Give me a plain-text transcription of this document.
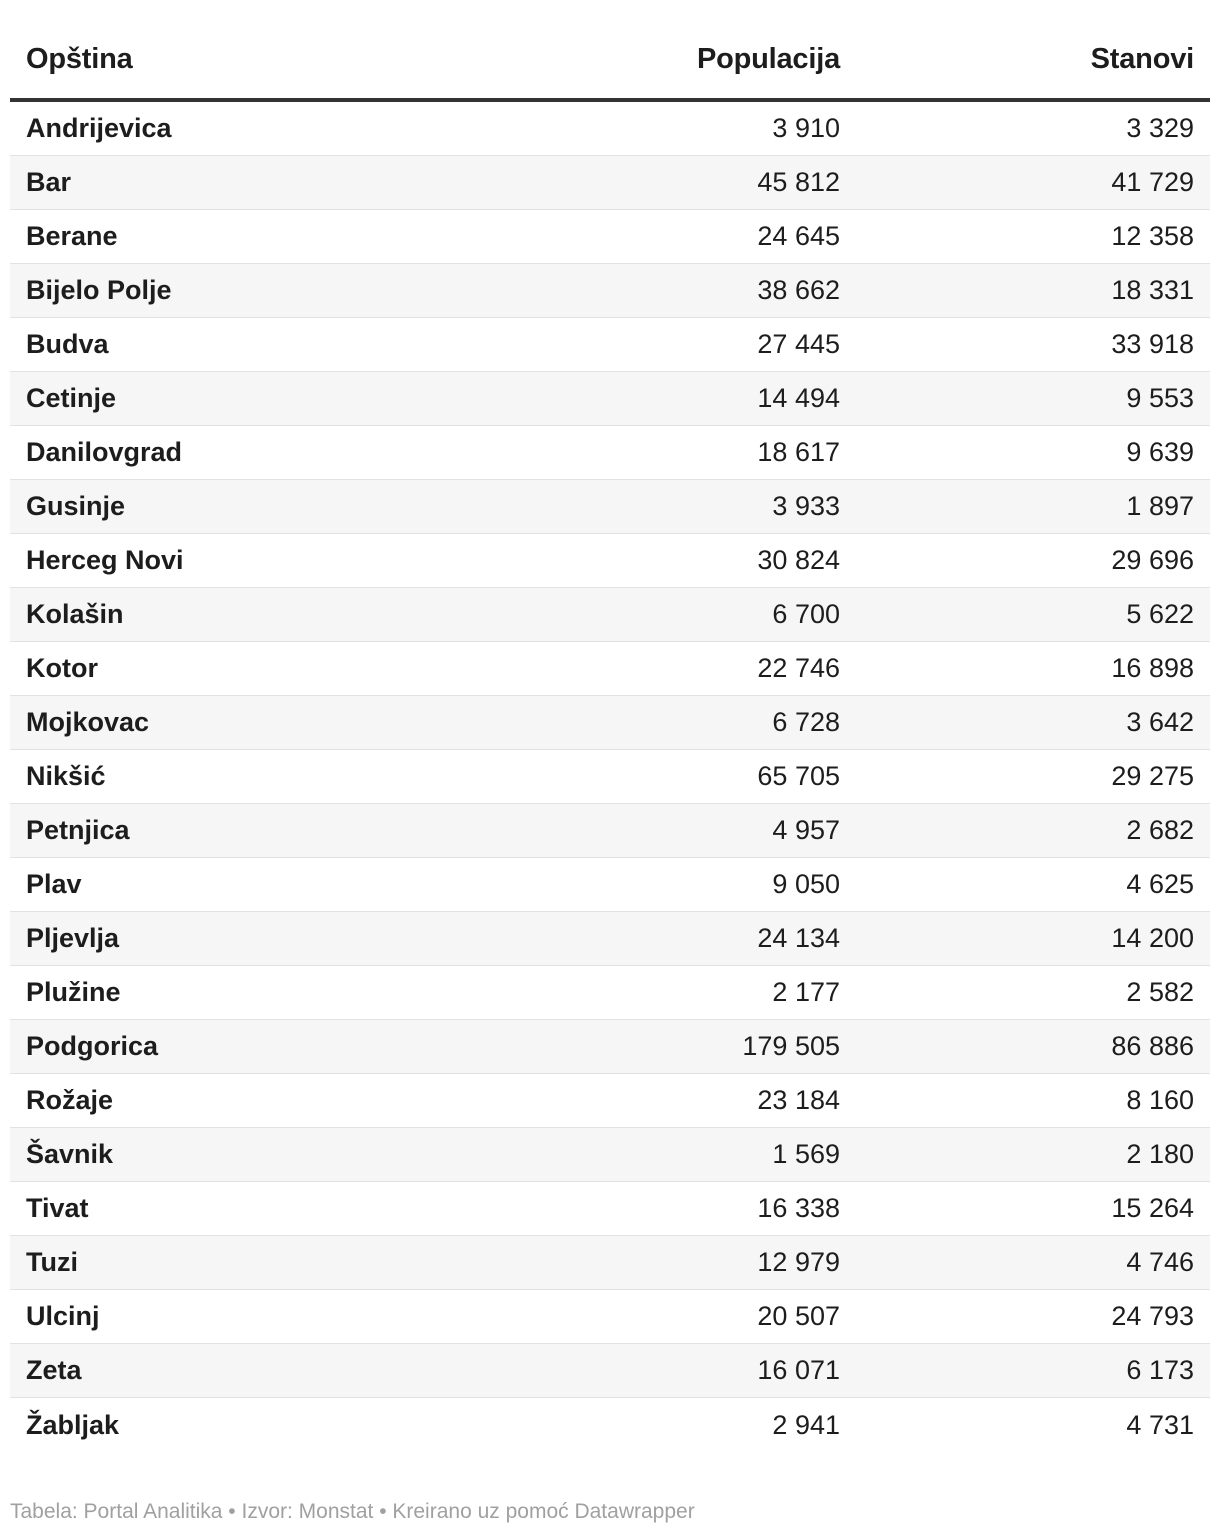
Opština	Populacija	Stanovi
Andrijevica	3 910	3 329
Bar	45 812	41 729
Berane	24 645	12 358
Bijelo Polje	38 662	18 331
Budva	27 445	33 918
Cetinje	14 494	9 553
Danilovgrad	18 617	9 639
Gusinje	3 933	1 897
Herceg Novi	30 824	29 696
Kolašin	6 700	5 622
Kotor	22 746	16 898
Mojkovac	6 728	3 642
Nikšić	65 705	29 275
Petnjica	4 957	2 682
Plav	9 050	4 625
Pljevlja	24 134	14 200
Plužine	2 177	2 582
Podgorica	179 505	86 886
Rožaje	23 184	8 160
Šavnik	1 569	2 180
Tivat	16 338	15 264
Tuzi	12 979	4 746
Ulcinj	20 507	24 793
Zeta	16 071	6 173
Žabljak	2 941	4 731
Tabela: Portal Analitika • Izvor: Monstat • Kreirano uz pomoć Datawrapper
